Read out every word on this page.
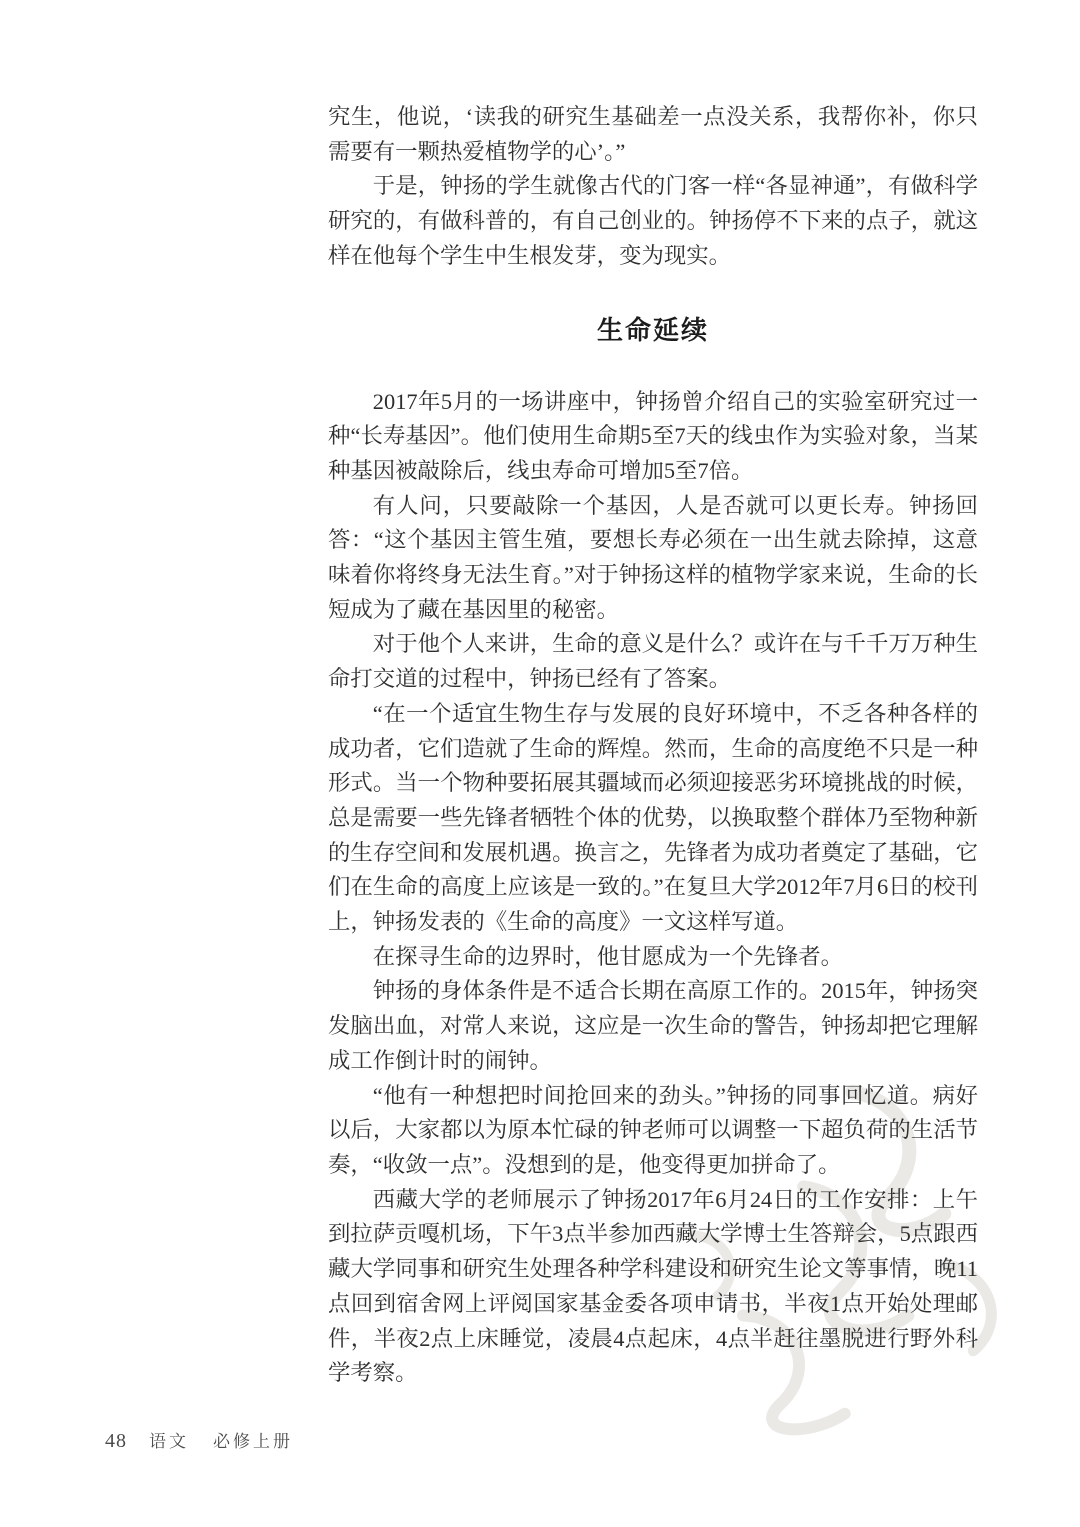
究生，他说，‘读我的研究生基础差一点没关系，我帮你补，你只需要有一颗热爱植物学的心’。”

于是，钟扬的学生就像古代的门客一样“各显神通”，有做科学研究的，有做科普的，有自己创业的。钟扬停不下来的点子，就这样在他每个学生中生根发芽，变为现实。

生命延续

2017年5月的一场讲座中，钟扬曾介绍自己的实验室研究过一种“长寿基因”。他们使用生命期5至7天的线虫作为实验对象，当某种基因被敲除后，线虫寿命可增加5至7倍。

有人问，只要敲除一个基因，人是否就可以更长寿。钟扬回答：“这个基因主管生殖，要想长寿必须在一出生就去除掉，这意味着你将终身无法生育。”对于钟扬这样的植物学家来说，生命的长短成为了藏在基因里的秘密。

对于他个人来讲，生命的意义是什么？或许在与千千万万种生命打交道的过程中，钟扬已经有了答案。

“在一个适宜生物生存与发展的良好环境中，不乏各种各样的成功者，它们造就了生命的辉煌。然而，生命的高度绝不只是一种形式。当一个物种要拓展其疆域而必须迎接恶劣环境挑战的时候，总是需要一些先锋者牺牲个体的优势，以换取整个群体乃至物种新的生存空间和发展机遇。换言之，先锋者为成功者奠定了基础，它们在生命的高度上应该是一致的。”在复旦大学2012年7月6日的校刊上，钟扬发表的《生命的高度》一文这样写道。

在探寻生命的边界时，他甘愿成为一个先锋者。

钟扬的身体条件是不适合长期在高原工作的。2015年，钟扬突发脑出血，对常人来说，这应是一次生命的警告，钟扬却把它理解成工作倒计时的闹钟。

“他有一种想把时间抢回来的劲头。”钟扬的同事回忆道。病好以后，大家都以为原本忙碌的钟老师可以调整一下超负荷的生活节奏，“收敛一点”。没想到的是，他变得更加拼命了。

西藏大学的老师展示了钟扬2017年6月24日的工作安排：上午到拉萨贡嘎机场，下午3点半参加西藏大学博士生答辩会，5点跟西藏大学同事和研究生处理各种学科建设和研究生论文等事情，晚11点回到宿舍网上评阅国家基金委各项申请书，半夜1点开始处理邮件，半夜2点上床睡觉，凌晨4点起床，4点半赶往墨脱进行野外科学考察。

48 语文 必修上册
